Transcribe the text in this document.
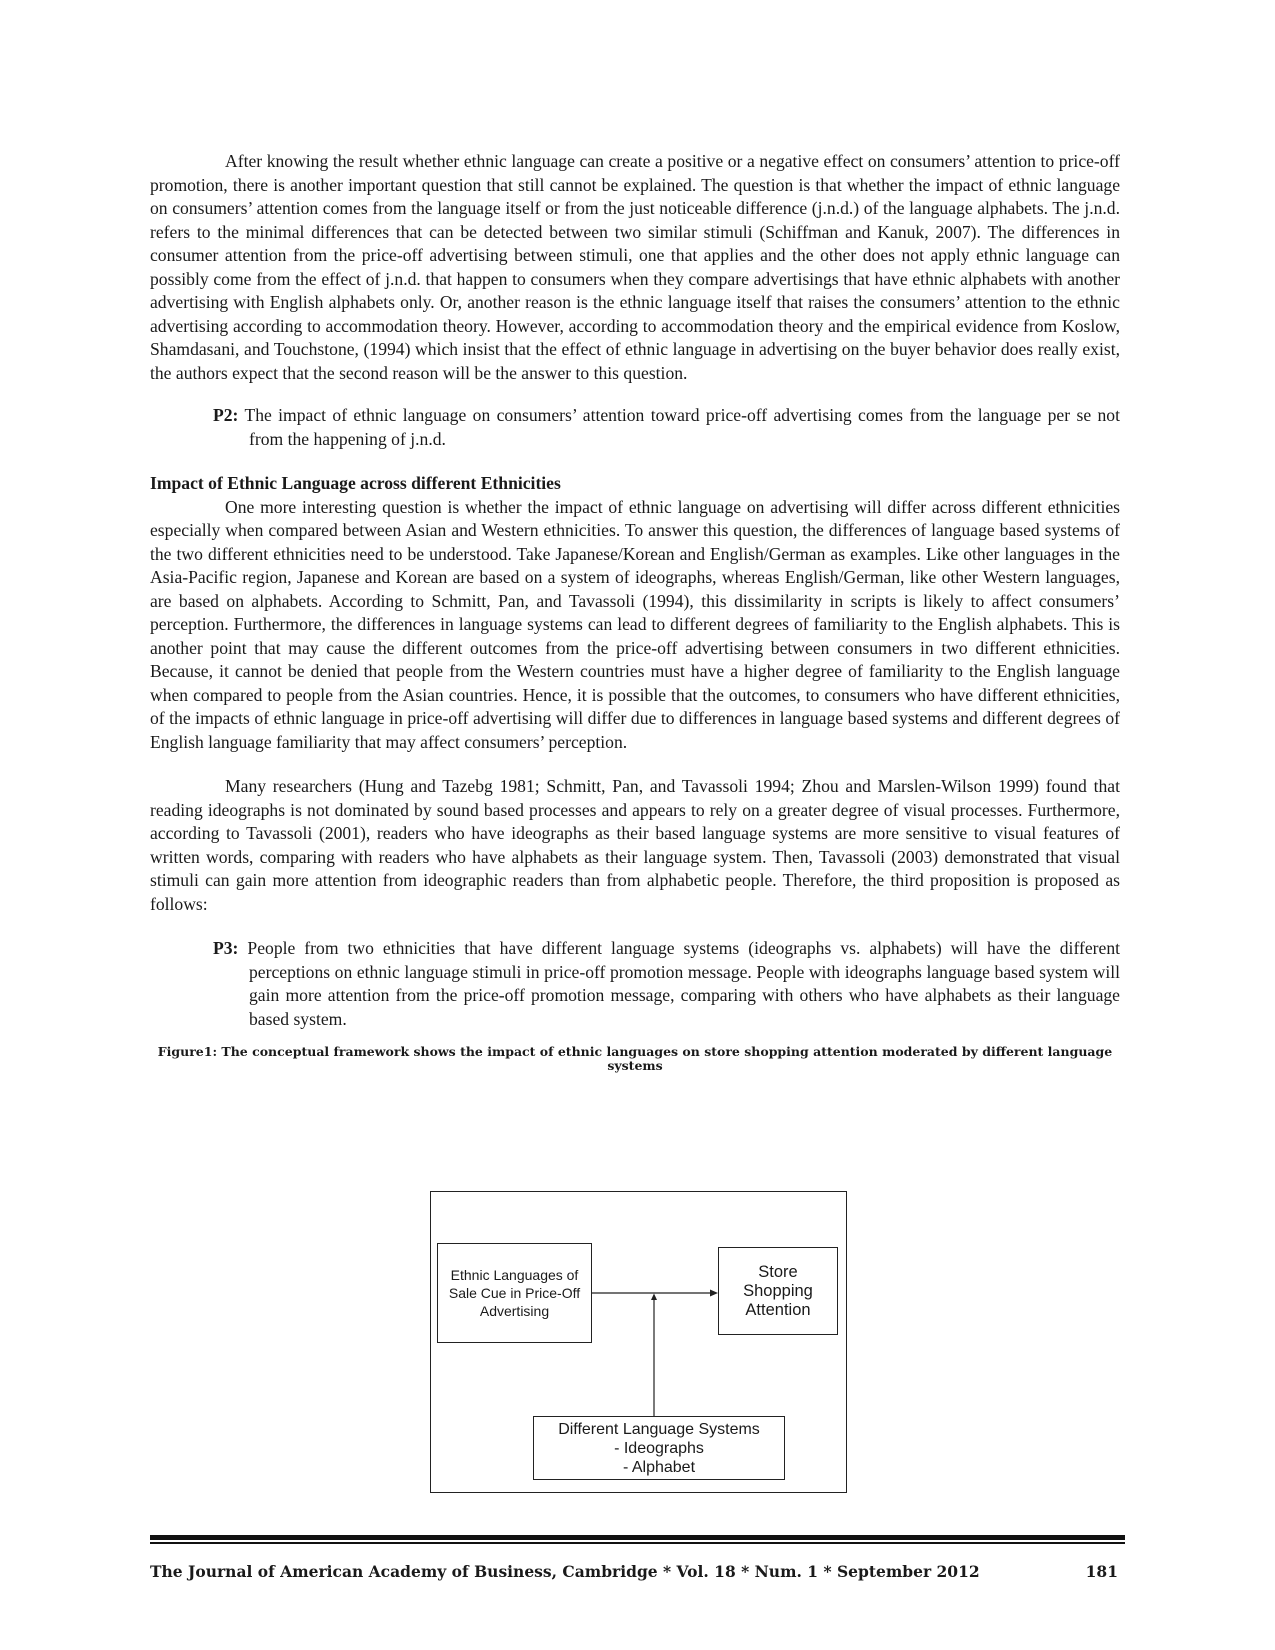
After knowing the result whether ethnic language can create a positive or a negative effect on consumers’ attention to price-off promotion, there is another important question that still cannot be explained. The question is that whether the impact of ethnic language on consumers’ attention comes from the language itself or from the just noticeable difference (j.n.d.) of the language alphabets. The j.n.d. refers to the minimal differences that can be detected between two similar stimuli (Schiffman and Kanuk, 2007). The differences in consumer attention from the price-off advertising between stimuli, one that applies and the other does not apply ethnic language can possibly come from the effect of j.n.d. that happen to consumers when they compare advertisings that have ethnic alphabets with another advertising with English alphabets only. Or, another reason is the ethnic language itself that raises the consumers’ attention to the ethnic advertising according to accommodation theory. However, according to accommodation theory and the empirical evidence from Koslow, Shamdasani, and Touchstone, (1994) which insist that the effect of ethnic language in advertising on the buyer behavior does really exist, the authors expect that the second reason will be the answer to this question.

P2: The impact of ethnic language on consumers’ attention toward price-off advertising comes from the language per se not from the happening of j.n.d.

Impact of Ethnic Language across different Ethnicities

One more interesting question is whether the impact of ethnic language on advertising will differ across different ethnicities especially when compared between Asian and Western ethnicities. To answer this question, the differences of language based systems of the two different ethnicities need to be understood. Take Japanese/Korean and English/German as examples. Like other languages in the Asia-Pacific region, Japanese and Korean are based on a system of ideographs, whereas English/German, like other Western languages, are based on alphabets. According to Schmitt, Pan, and Tavassoli (1994), this dissimilarity in scripts is likely to affect consumers’ perception. Furthermore, the differences in language systems can lead to different degrees of familiarity to the English alphabets. This is another point that may cause the different outcomes from the price-off advertising between consumers in two different ethnicities. Because, it cannot be denied that people from the Western countries must have a higher degree of familiarity to the English language when compared to people from the Asian countries. Hence, it is possible that the outcomes, to consumers who have different ethnicities, of the impacts of ethnic language in price-off advertising will differ due to differences in language based systems and different degrees of English language familiarity that may affect consumers’ perception.

Many researchers (Hung and Tazebg 1981; Schmitt, Pan, and Tavassoli 1994; Zhou and Marslen-Wilson 1999) found that reading ideographs is not dominated by sound based processes and appears to rely on a greater degree of visual processes. Furthermore, according to Tavassoli (2001), readers who have ideographs as their based language systems are more sensitive to visual features of written words, comparing with readers who have alphabets as their language system. Then, Tavassoli (2003) demonstrated that visual stimuli can gain more attention from ideographic readers than from alphabetic people. Therefore, the third proposition is proposed as follows:

P3: People from two ethnicities that have different language systems (ideographs vs. alphabets) will have the different perceptions on ethnic language stimuli in price-off promotion message. People with ideographs language based system will gain more attention from the price-off promotion message, comparing with others who have alphabets as their language based system.

Figure1: The conceptual framework shows the impact of ethnic languages on store shopping attention moderated by different language systems

Ethnic Languages of
Sale Cue in Price-Off
Advertising
Store
Shopping
Attention
Different Language Systems
- Ideographs
- Alphabet
The Journal of American Academy of Business, Cambridge * Vol. 18 * Num. 1 * September 2012	181
